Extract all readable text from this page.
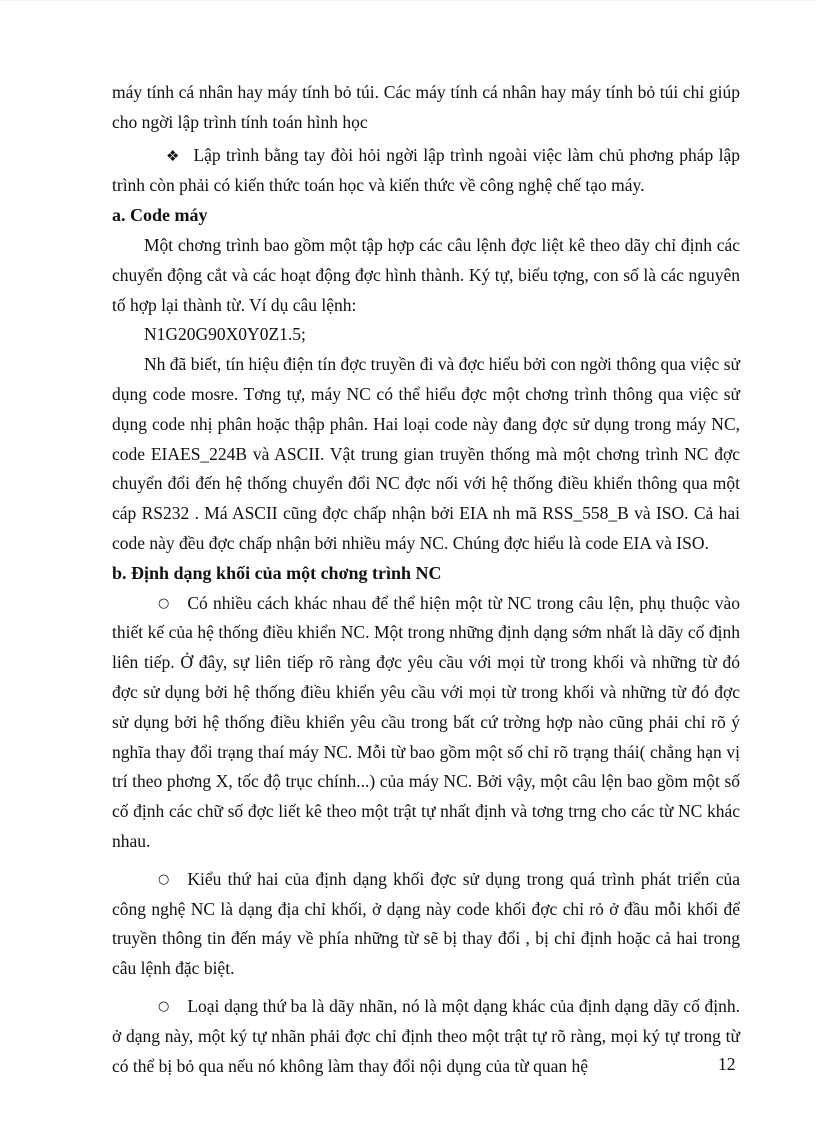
máy tính cá nhân hay máy tính bỏ túi. Các máy tính cá nhân hay máy tính bỏ túi chỉ giúp cho ngời lập trình tính toán hình học

❖ Lập trình bằng tay đòi hỏi ngời lập trình ngoài việc làm chủ phơng pháp lập trình còn phải có kiến thức toán học và kiến thức về công nghệ chế tạo máy.

a. Code máy

Một chơng trình bao gồm một tập hợp các câu lệnh đợc liệt kê theo dãy chỉ định các chuyển động cắt và các hoạt động đợc hình thành. Ký tự, biểu tợng, con số là các nguyên tố hợp lại thành từ. Ví dụ câu lệnh:

N1G20G90X0Y0Z1.5;

Nh đã biết, tín hiệu điện tín đợc truyền đi và đợc hiểu bởi con ngời thông qua việc sử dụng code mosre. Tơng tự, máy NC có thể hiểu đợc một chơng trình thông qua việc sử dụng code nhị phân hoặc thập phân. Hai loại code này đang đợc sử dụng trong máy NC, code EIAES_224B và ASCII. Vật trung gian truyền thống mà một chơng trình NC đợc chuyển đổi đến hệ thống chuyển đổi NC đợc nối với hệ thống điều khiển thông qua một cáp RS232 . Má ASCII cũng đợc chấp nhận bởi EIA nh mã RSS_558_B và ISO. Cả hai code này đều đợc chấp nhận bởi nhiều máy NC. Chúng đợc hiểu là code EIA và ISO.

b. Định dạng khối của một chơng trình NC

○ Có nhiều cách khác nhau để thể hiện một từ NC trong câu lện, phụ thuộc vào thiết kế của hệ thống điều khiển NC. Một trong những định dạng sớm nhất là dãy cố định liên tiếp. Ở đây, sự liên tiếp rõ ràng đợc yêu cầu với mọi từ trong khối và những từ đó đợc sử dụng bởi hệ thống điều khiển yêu cầu với mọi từ trong khối và những từ đó đợc sử dụng bởi hệ thống điều khiển yêu cầu trong bất cứ trờng hợp nào cũng phải chỉ rõ ý nghĩa thay đổi trạng thaí máy NC. Mỗi từ bao gồm một số chỉ rõ trạng thái( chẳng hạn vị trí theo phơng X, tốc độ trục chính...) của máy NC. Bởi vậy, một câu lện bao gồm một số cố định các chữ số đợc liết kê theo một trật tự nhất định và tơng trng cho các từ NC khác nhau.

○ Kiểu thứ hai của định dạng khối đợc sử dụng trong quá trình phát triển của công nghệ NC là dạng địa chỉ khối, ở dạng này code khối đợc chỉ rỏ ở đầu mỗi khối để truyền thông tin đến máy về phía những từ sẽ bị thay đổi , bị chỉ định hoặc cả hai trong câu lệnh đặc biệt.

○ Loại dạng thứ ba là dãy nhãn, nó là một dạng khác của định dạng dãy cố định. ở dạng này, một ký tự nhãn phải đợc chỉ định theo một trật tự rõ ràng, mọi ký tự trong từ có thể bị bỏ qua nếu nó không làm thay đổi nội dụng của từ quan hệ	12
